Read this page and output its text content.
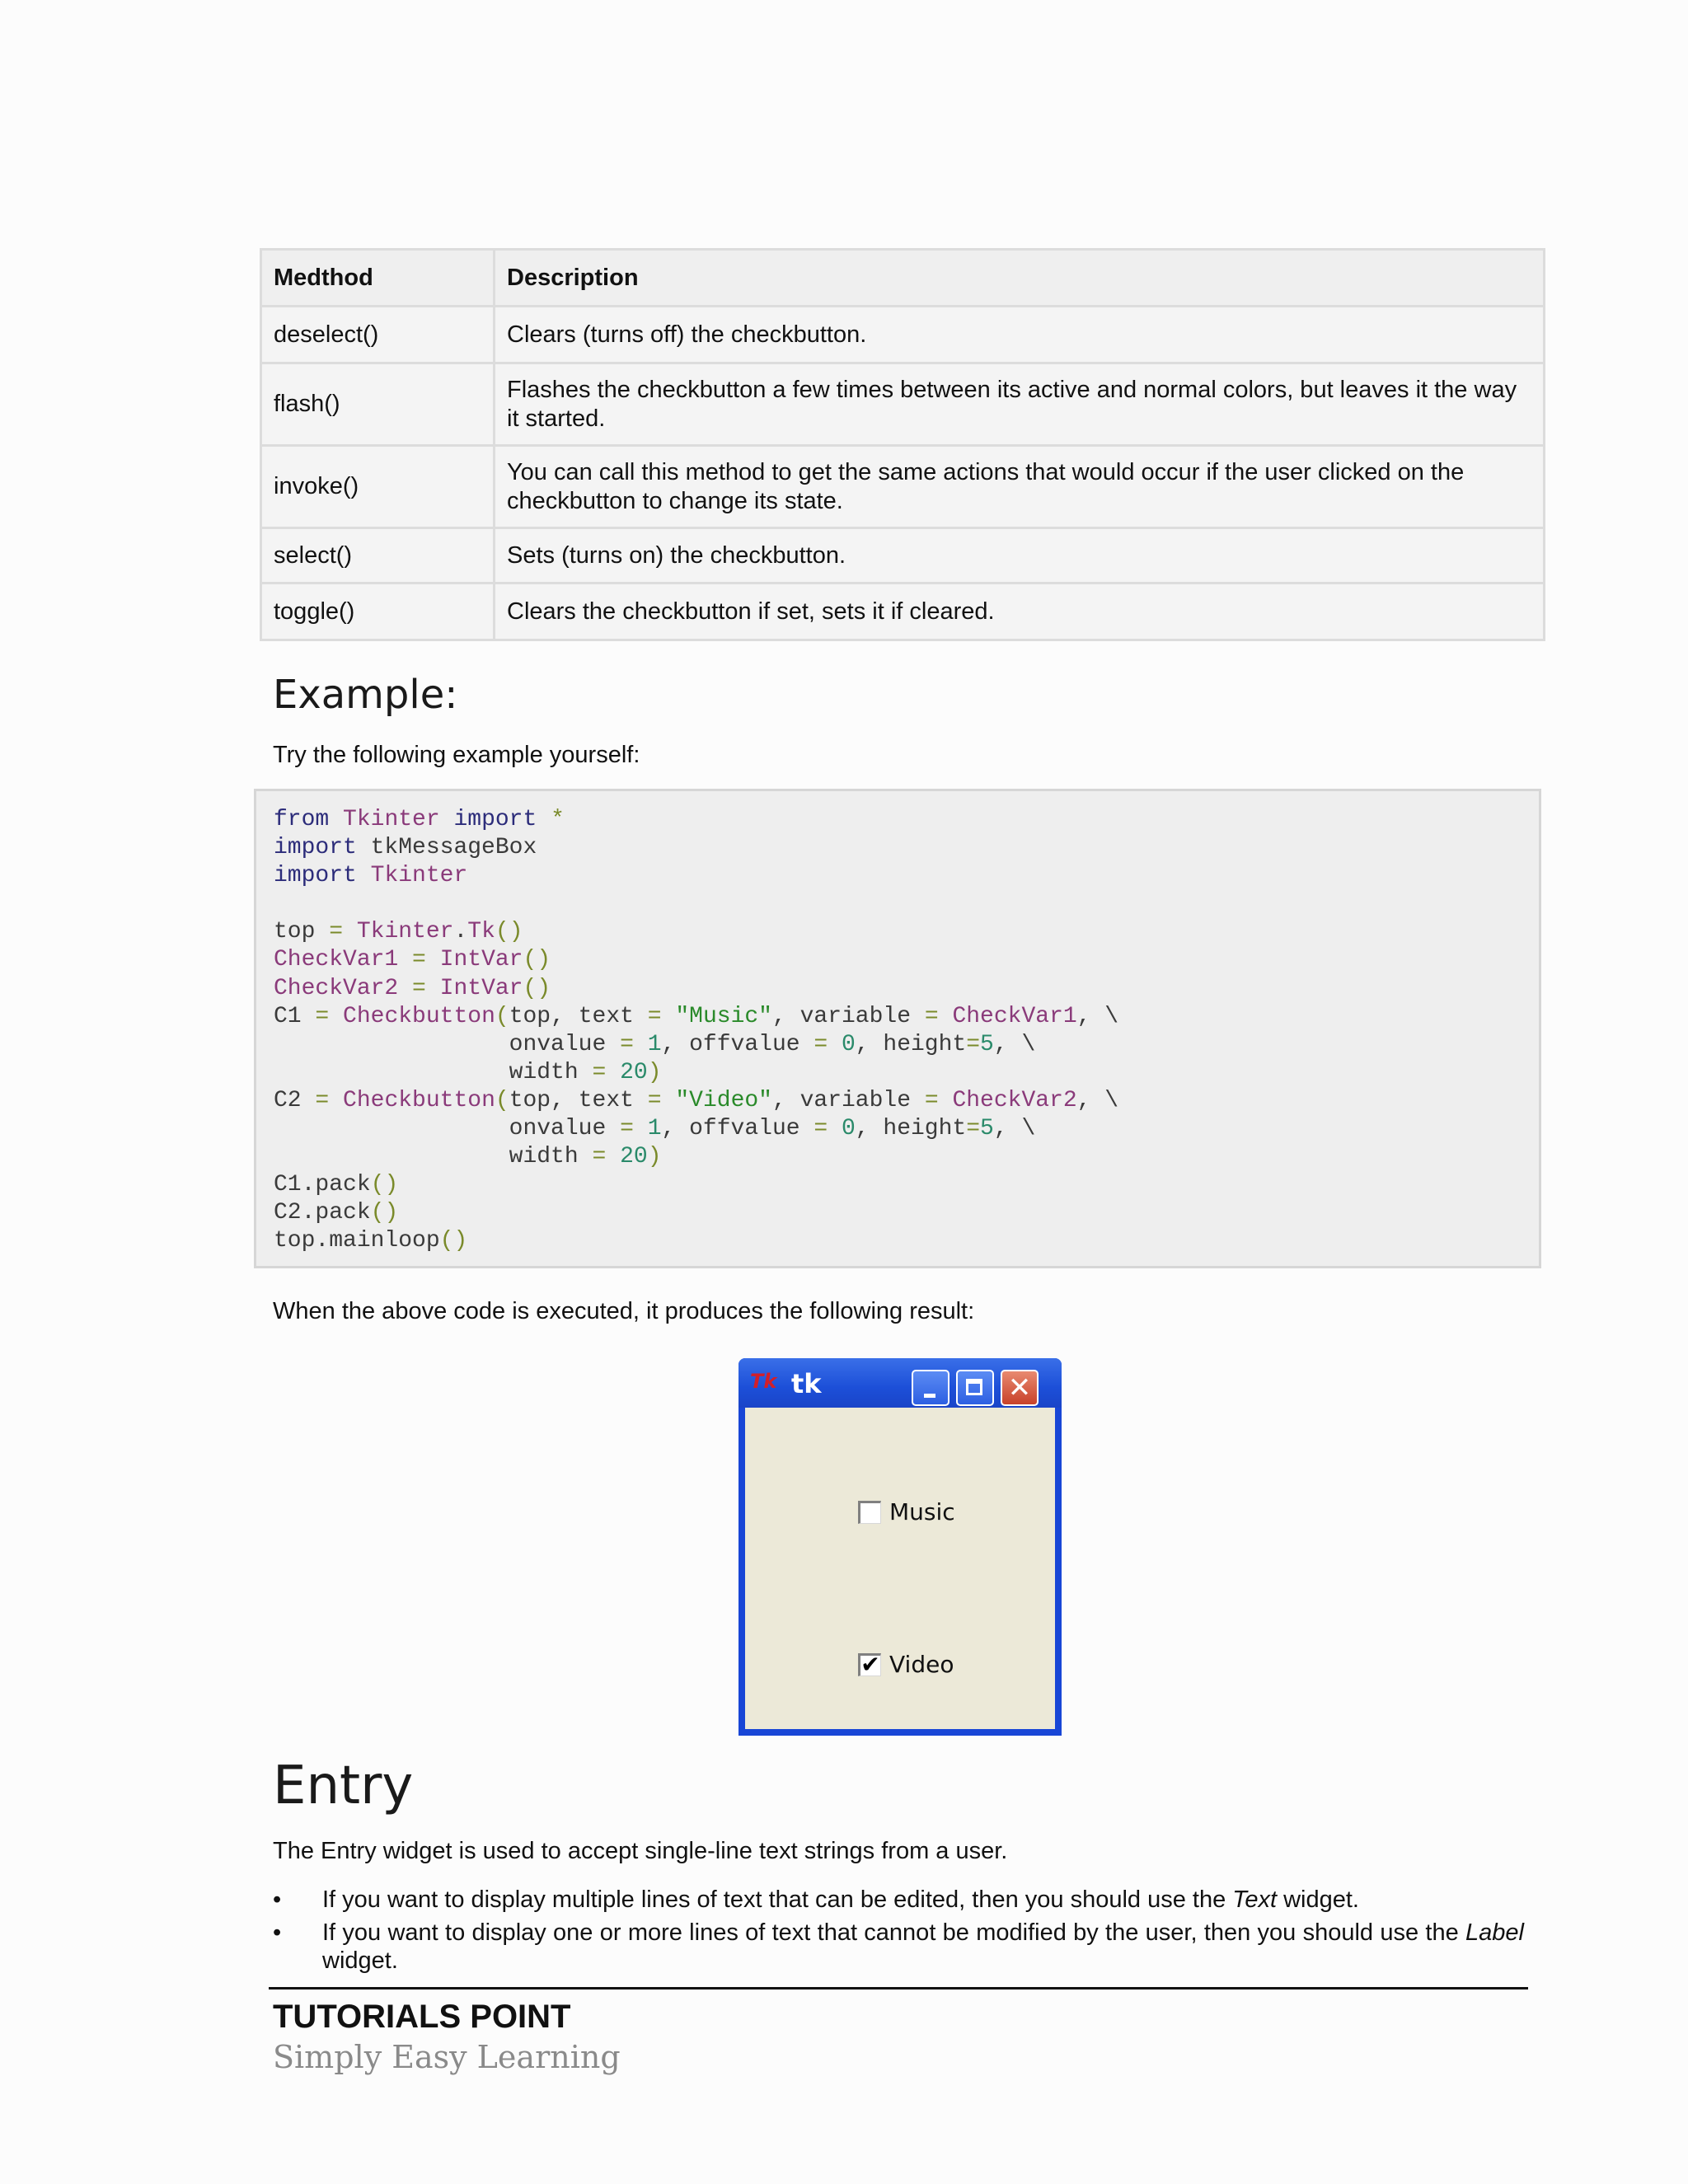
Medthod	Description
deselect()	Clears (turns off) the checkbutton.
flash()	Flashes the checkbutton a few times between its active and normal colors, but leaves it the way it started.
invoke()	You can call this method to get the same actions that would occur if the user clicked on the checkbutton to change its state.
select()	Sets (turns on) the checkbutton.
toggle()	Clears the checkbutton if set, sets it if cleared.
Example:

Try the following example yourself:

from Tkinter import *
import tkMessageBox
import Tkinter

top = Tkinter.Tk()
CheckVar1 = IntVar()
CheckVar2 = IntVar()
C1 = Checkbutton(top, text = "Music", variable = CheckVar1, \
onvalue = 1, offvalue = 0, height=5, \
width = 20)
C2 = Checkbutton(top, text = "Video", variable = CheckVar2, \
onvalue = 1, offvalue = 0, height=5, \
width = 20)
C1.pack()
C2.pack()
top.mainloop()

When the above code is executed, it produces the following result:

Tk tk	✕
Music
✔ Video
Entry

The Entry widget is used to accept single-line text strings from a user.

• If you want to display multiple lines of text that can be edited, then you should use the Text widget.
• If you want to display one or more lines of text that cannot be modified by the user, then you should use the Label widget.
TUTORIALS POINT
Simply Easy Learning
